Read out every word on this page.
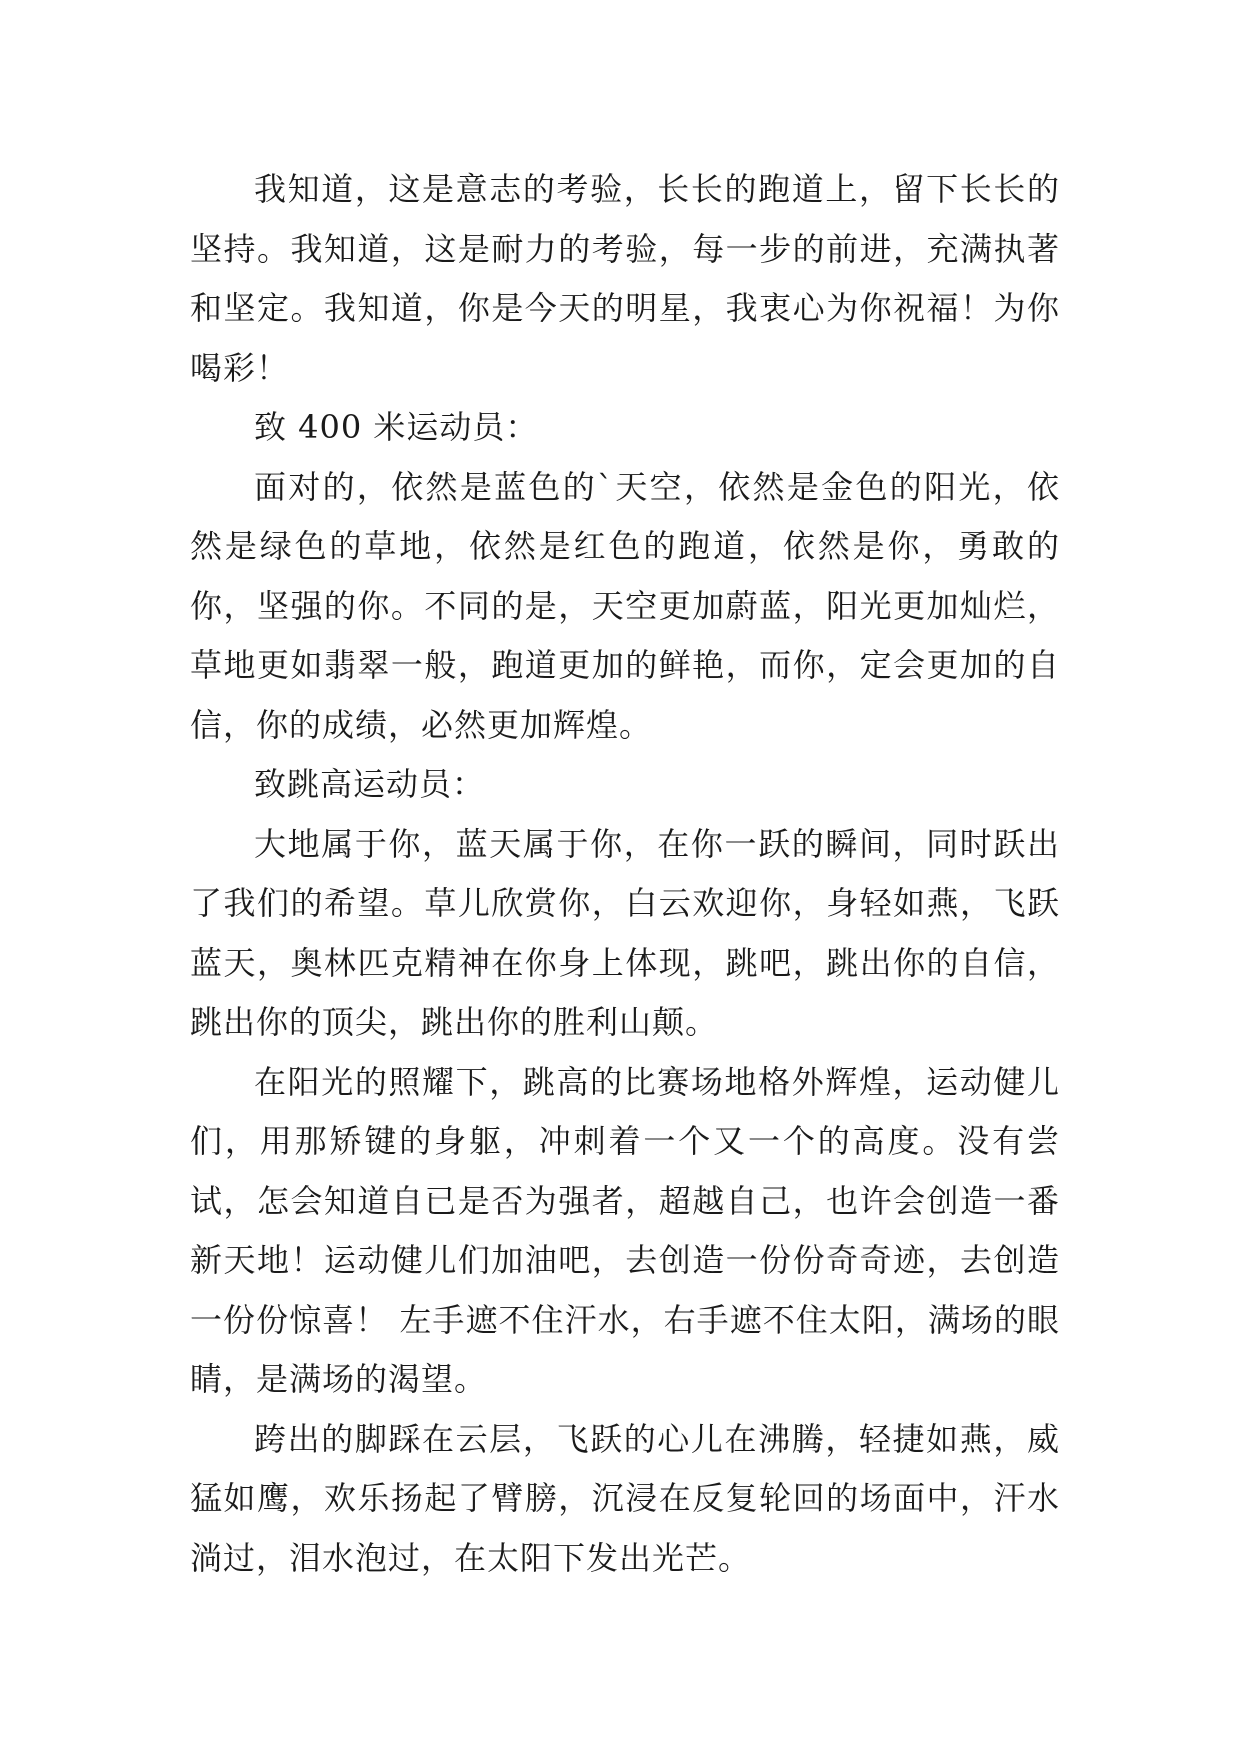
我知道，这是意志的考验，长长的跑道上，留下长长的坚持。我知道，这是耐力的考验，每一步的前进，充满执著和坚定。我知道，你是今天的明星，我衷心为你祝福！为你喝彩！

致 400 米运动员：

面对的，依然是蓝色的`天空，依然是金色的阳光，依然是绿色的草地，依然是红色的跑道，依然是你，勇敢的你，坚强的你。不同的是，天空更加蔚蓝，阳光更加灿烂，草地更如翡翠一般，跑道更加的鲜艳，而你，定会更加的自信，你的成绩，必然更加辉煌。

致跳高运动员：

大地属于你，蓝天属于你，在你一跃的瞬间，同时跃出了我们的希望。草儿欣赏你，白云欢迎你，身轻如燕，飞跃蓝天，奥林匹克精神在你身上体现，跳吧，跳出你的自信，跳出你的顶尖，跳出你的胜利山颠。

在阳光的照耀下，跳高的比赛场地格外辉煌，运动健儿们，用那矫键的身躯，冲刺着一个又一个的高度。没有尝试，怎会知道自已是否为强者，超越自己，也许会创造一番新天地！运动健儿们加油吧，去创造一份份奇奇迹，去创造一份份惊喜！ 左手遮不住汗水，右手遮不住太阳，满场的眼睛，是满场的渴望。

跨出的脚踩在云层，飞跃的心儿在沸腾，轻捷如燕，威猛如鹰，欢乐扬起了臂膀，沉浸在反复轮回的场面中，汗水淌过，泪水泡过，在太阳下发出光芒。
